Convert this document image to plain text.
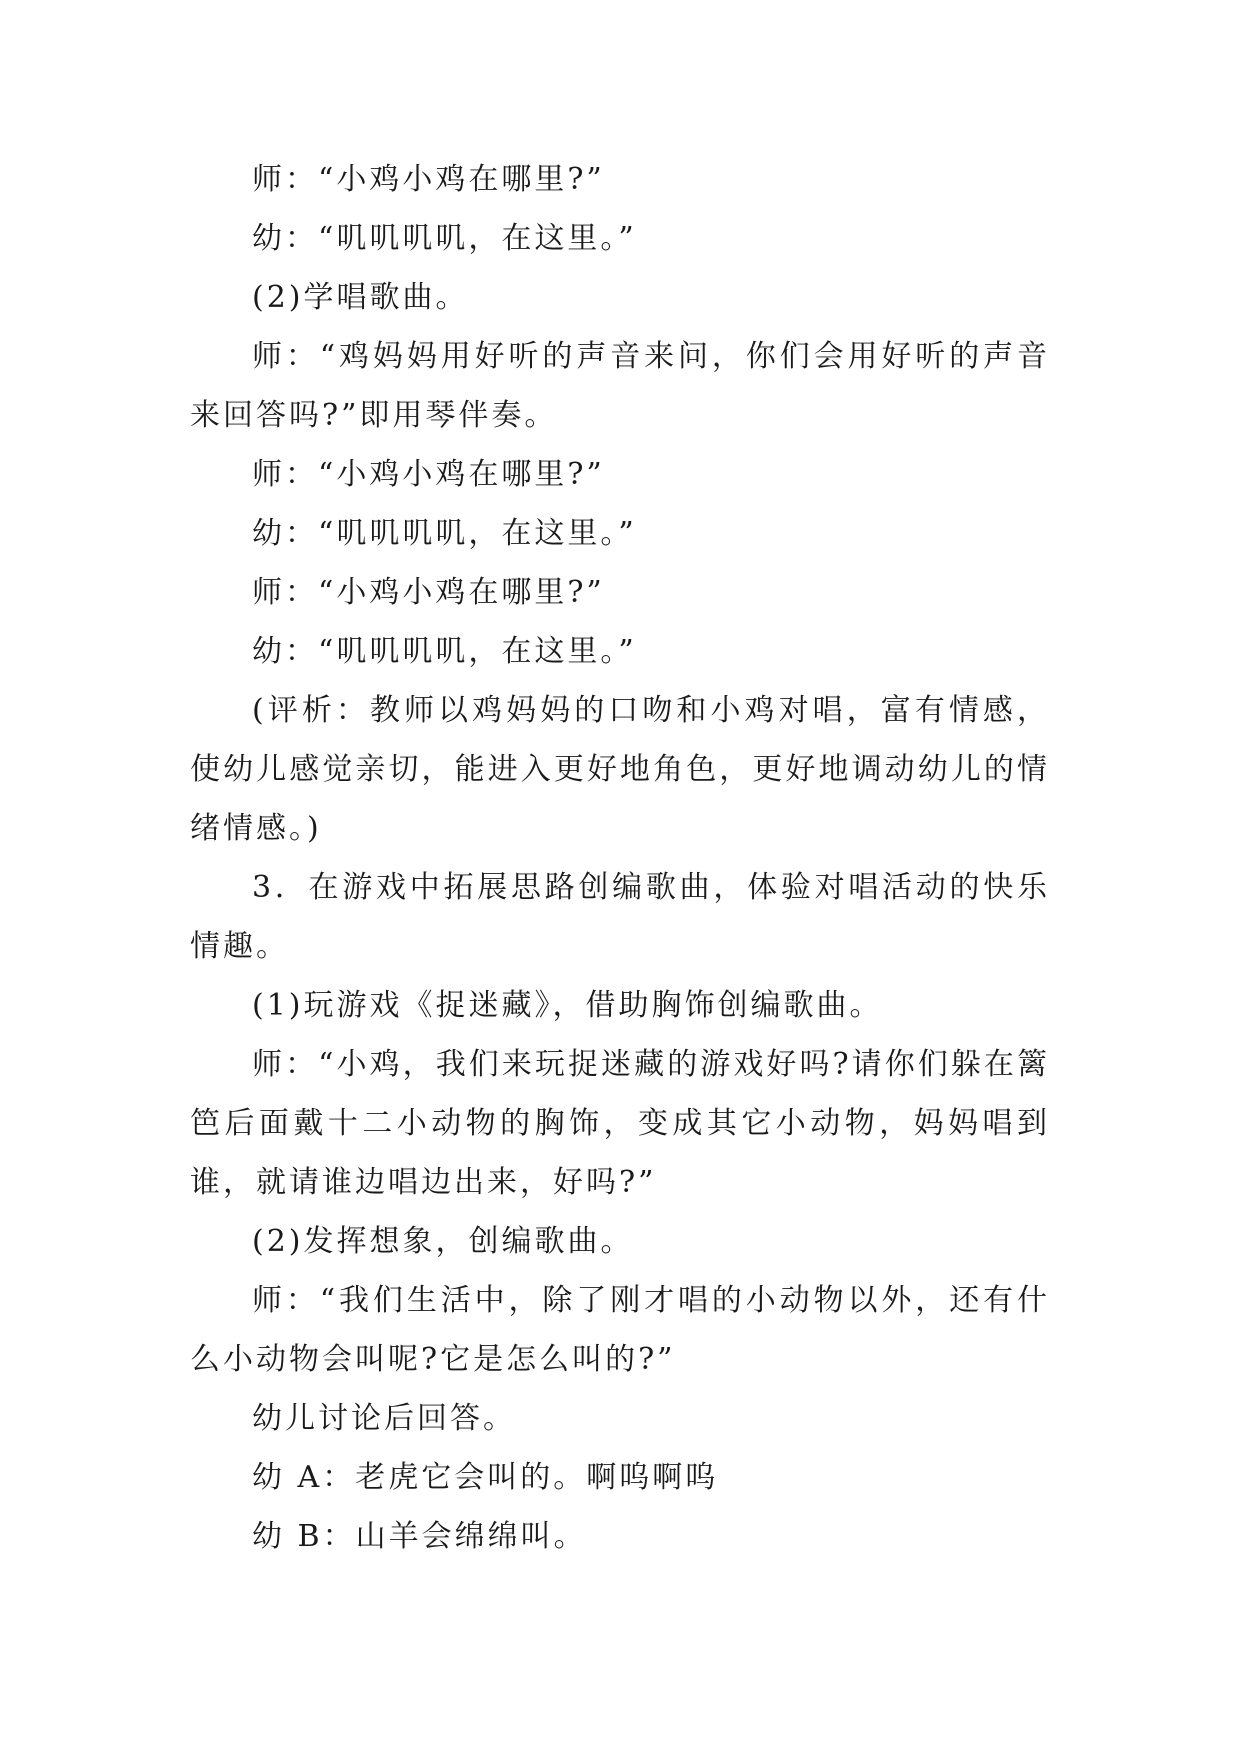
师：“小鸡小鸡在哪里?”

幼：“叽叽叽叽，在这里。”

(2)学唱歌曲。

师：“鸡妈妈用好听的声音来问，你们会用好听的声音来回答吗?”即用琴伴奏。

师：“小鸡小鸡在哪里?”

幼：“叽叽叽叽，在这里。”

师：“小鸡小鸡在哪里?”

幼：“叽叽叽叽，在这里。”

(评析：教师以鸡妈妈的口吻和小鸡对唱，富有情感，使幼儿感觉亲切，能进入更好地角色，更好地调动幼儿的情绪情感。)

3．在游戏中拓展思路创编歌曲，体验对唱活动的快乐情趣。

(1)玩游戏《捉迷藏》，借助胸饰创编歌曲。

师：“小鸡，我们来玩捉迷藏的游戏好吗?请你们躲在篱笆后面戴十二小动物的胸饰，变成其它小动物，妈妈唱到谁，就请谁边唱边出来，好吗?”

(2)发挥想象，创编歌曲。

师：“我们生活中，除了刚才唱的小动物以外，还有什么小动物会叫呢?它是怎么叫的?”

幼儿讨论后回答。

幼 A：老虎它会叫的。啊呜啊呜

幼 B：山羊会绵绵叫。
